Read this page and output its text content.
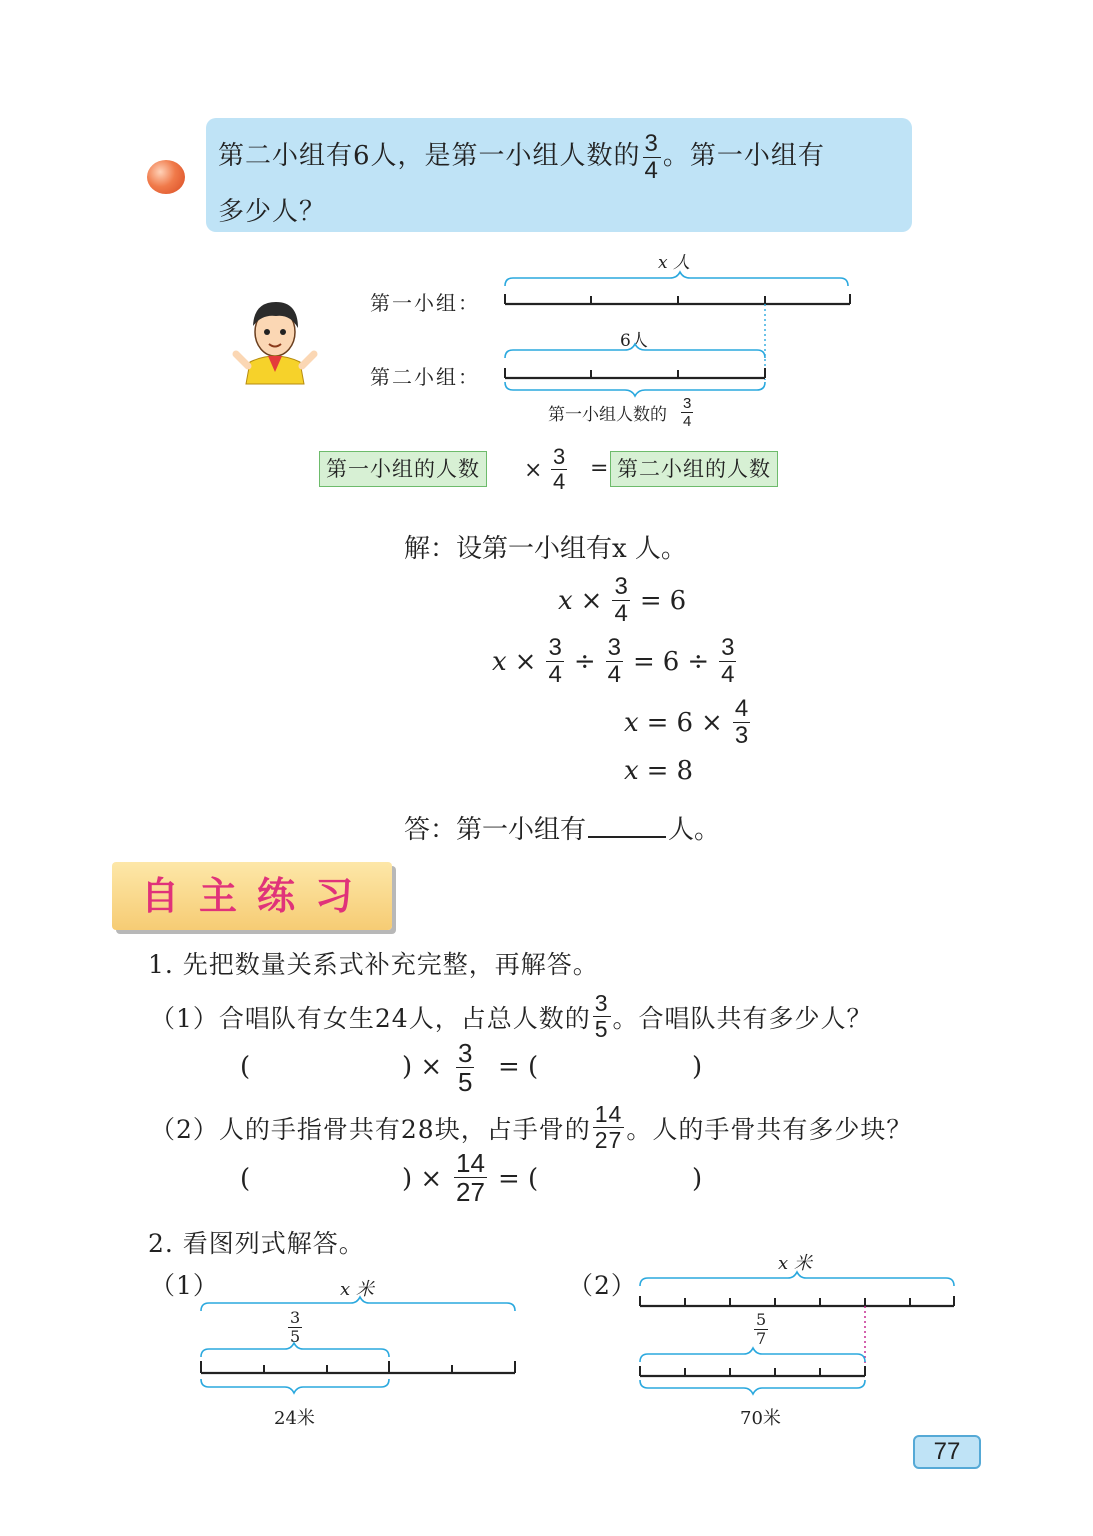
第二小组有6人，是第一小组人数的 $\frac{3}{4}$ 。第一小组有
多少人？
第一小组：
第二小组：
x 人
6人
第一小组人数的 $\frac{3}{4}$
第一小组的人数	× $\frac{3}{4}$ = 第二小组的人数
解：设第一小组有x 人。
$x \times \frac{3}{4} = 6$
$x \times \frac{3}{4} \div \frac{3}{4} = 6 \div \frac{3}{4}$
$x = 6 \times \frac{4}{3}$
x = 8
答：第一小组有	人。
自主练习
1. 先把数量关系式补充完整，再解答。
（1）合唱队有女生24人，占总人数的 $\frac{3}{5}$ 。合唱队共有多少人？
(	) × $\frac{3}{5}$ = (	)
（2）人的手指骨共有28块，占手骨的 $\frac{14}{27}$ 。人的手骨共有多少块？
(	) × $\frac{14}{27}$ = (	)
2. 看图列式解答。
（1）	x 米
$\frac{3}{5}$
24米
（2）
x 米
$\frac{5}{7}$
70米
77
